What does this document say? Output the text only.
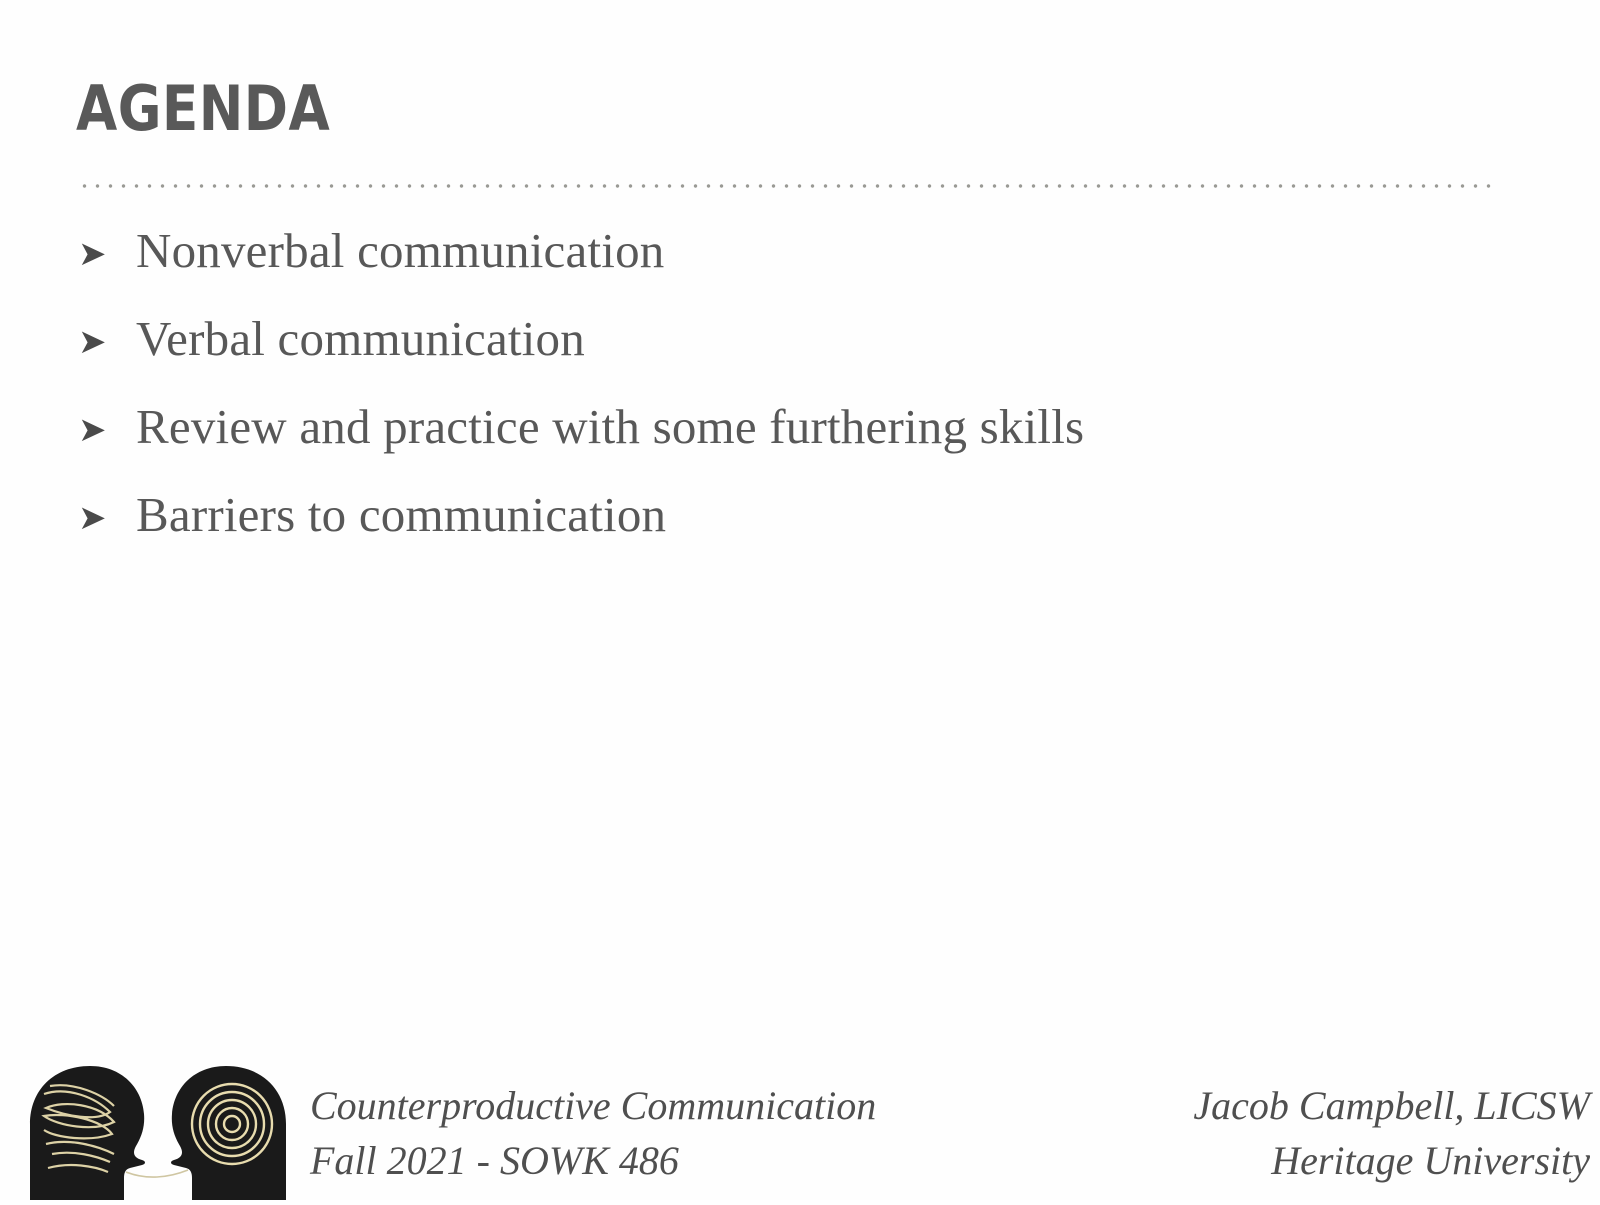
AGENDA
➤ Nonverbal communication
➤ Verbal communication
➤ Review and practice with some furthering skills
➤ Barriers to communication
Counterproductive Communication
Fall 2021 - SOWK 486
Jacob Campbell, LICSW
Heritage University
